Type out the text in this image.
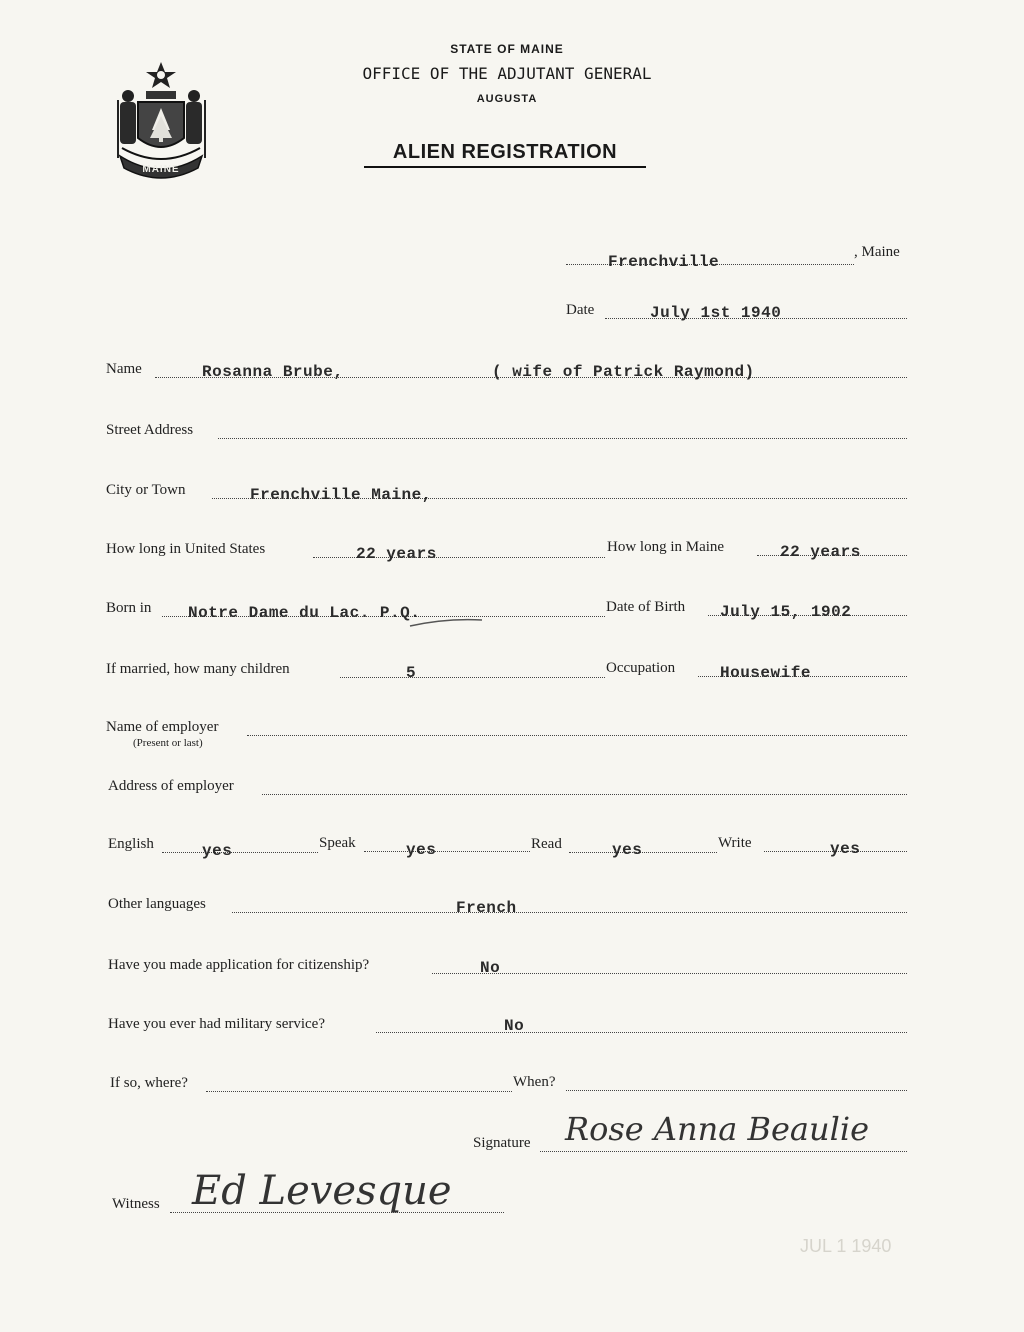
MAINE
STATE OF MAINE
OFFICE OF THE ADJUTANT GENERAL
AUGUSTA
ALIEN REGISTRATION
Frenchville
, Maine
Date	July 1st 1940
Name	Rosanna Brube,	( wife of Patrick Raymond)
Street Address
City or Town	Frenchville Maine,
How long in United States	22 years	How long in Maine	22 years
Born in Notre Dame du Lac. P.Q.	Date of Birth July 15, 1902
If married, how many children	5	Occupation	Housewife
Name of employer
(Present or last)
Address of employer
English	yes	Speak	yes	Read	yes	Write	yes
Other languages	French
Have you made application for citizenship?	No
Have you ever had military service?	No
If so, where?	When?
Signature Rose Anna Beaulie
Witness Ed Levesque
JUL 1 1940
